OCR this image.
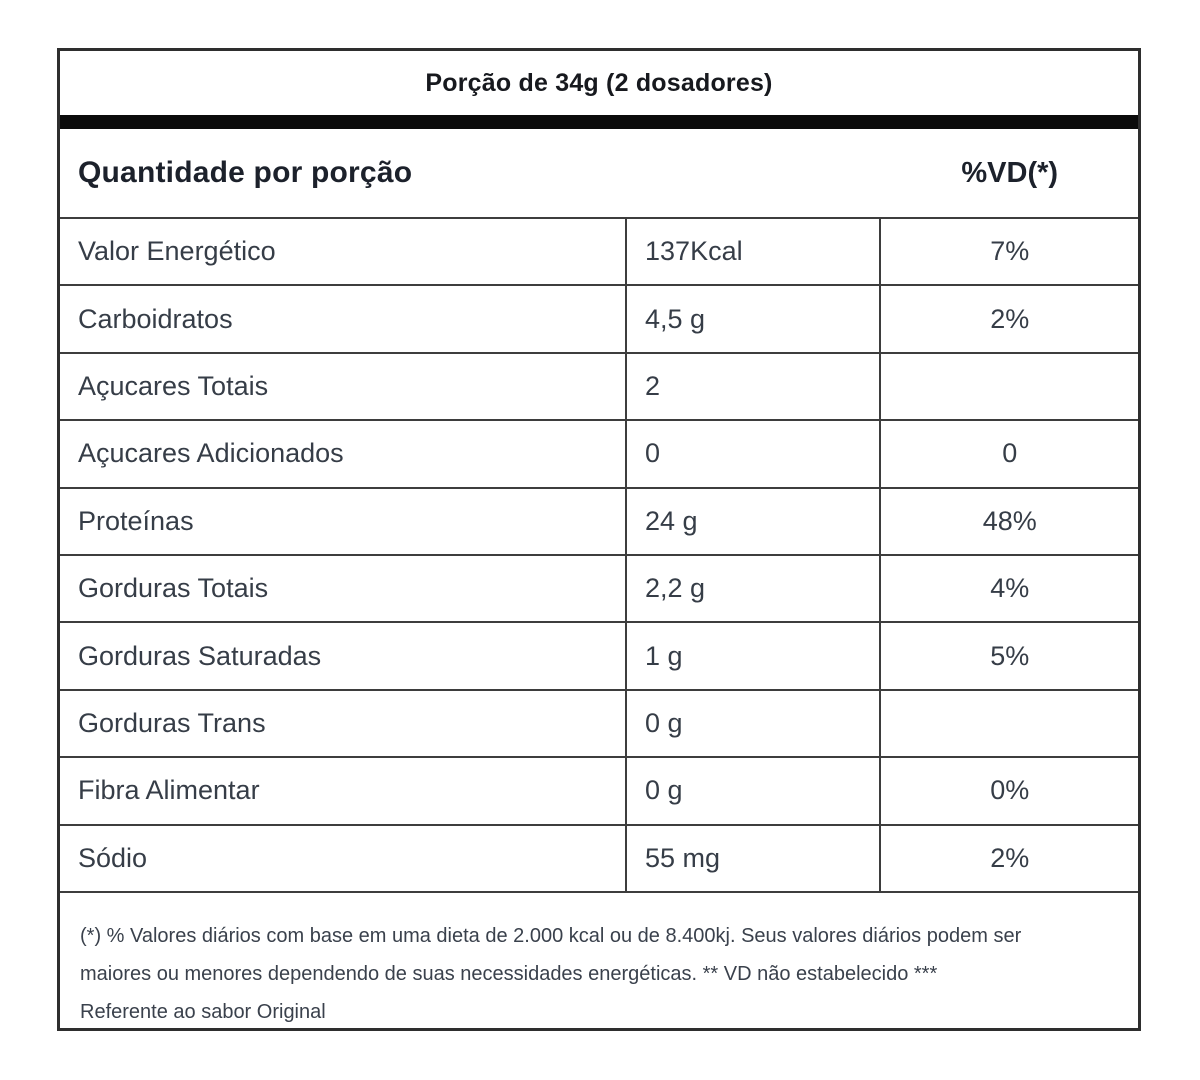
Porção de 34g (2 dosadores)
Quantidade por porção	%VD(*)
Valor Energético	137Kcal	7%
Carboidratos	4,5 g	2%
Açucares Totais	2
Açucares Adicionados	0	0
Proteínas	24 g	48%
Gorduras Totais	2,2 g	4%
Gorduras Saturadas	1 g	5%
Gorduras Trans	0 g
Fibra Alimentar	0 g	0%
Sódio	55 mg	2%
(*) % Valores diários com base em uma dieta de 2.000 kcal ou de 8.400kj. Seus valores diários podem ser
maiores ou menores dependendo de suas necessidades energéticas. ** VD não estabelecido ***
Referente ao sabor Original
